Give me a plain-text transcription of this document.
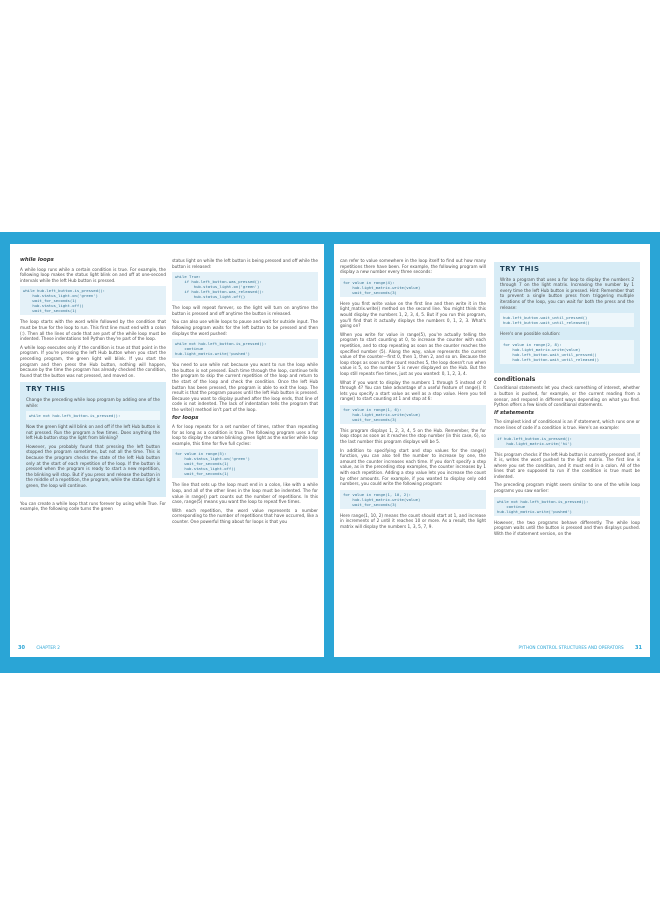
while loops

A while loop runs while a certain condition is true. For example, the following loop makes the status light blink on and off at one-second intervals while the left Hub button is pressed.

while hub.left_button.is_pressed():
hub.status_light.on('green')
wait_for_seconds(1)
hub.status_light.off()
wait_for_seconds(1)

The loop starts with the word while followed by the condition that must be true for the loop to run. This first line must end with a colon (:). Then all the lines of code that are part of the while loop must be indented. These indentations tell Python they're part of the loop.

A while loop executes only if the condition is true at that point in the program. If you're pressing the left Hub button when you start the preceding program, the green light will blink. If you start the program and then press the Hub button, nothing will happen, because by the time the program has already checked the condition, found that the button was not pressed, and moved on.

TRY THIS

Change the preceding while loop program by adding one of the while:

while not hub.left_button.is_pressed():

Now the green light will blink on and off if the left Hub button is not pressed. Run the program a few times. Does anything the left Hub button stop the light from blinking?

However, you probably found that pressing the left button stopped the program sometimes, but not all the time. This is because the program checks the state of the left Hub button only at the start of each repetition of the loop. If the button is pressed when the program is ready to start a new repetition, the blinking will stop. But if you press and release the button in the middle of a repetition, the program, while the status light is green, the loop will continue.

You can create a while loop that runs forever by using while True. For example, the following code turns the green

status light on while the left button is being pressed and off while the button is released:

while True:
if hub.left_button.was_pressed():
hub.status_light.on('green')
if hub.left_button.was_released():
hub.status_light.off()

The loop will repeat forever, so the light will turn on anytime the button is pressed and off anytime the button is released.

You can also use while loops to pause and wait for outside input. The following program waits for the left button to be pressed and then displays the word pushed:

while not hub.left_button.is_pressed():
continue
hub.light_matrix.write('pushed')

You need to use while not because you want to run the loop while the button is not pressed. Each time through the loop, continue tells the program to skip the current repetition of the loop and return to the start of the loop and check the condition. Once the left Hub button has been pressed, the program is able to exit the loop. The result is that the program pauses until the left Hub button is pressed. Because you want to display pushed after the loop ends, that line of code is not indented. The lack of indentation tells the program that the write() method isn't part of the loop.

for loops

A for loop repeats for a set number of times, rather than repeating for as long as a condition is true. The following program uses a for loop to display the same blinking green light as the earlier while loop example, this time for five full cycles:

for value in range(5):
hub.status_light.on('green')
wait_for_seconds(1)
hub.status_light.off()
wait_for_seconds(1)

The line that sets up the loop must end in a colon, like with a while loop, and all of the other lines in the loop must be indented. The for value in range() part counts out the number of repetitions. In this case, range(5) means you want the loop to repeat five times.

With each repetition, the word value represents a number corresponding to the number of repetitions that have occurred, like a counter. One powerful thing about for loops is that you

30	CHAPTER 2

can refer to value somewhere in the loop itself to find out how many repetitions there have been. For example, the following program will display a new number every three seconds:

for value in range(4):
hub.light_matrix.write(value)
wait_for_seconds(3)

Here you first write value on the first line and then write it in the light_matrix.write() method on the second line. You might think this would display the numbers 1, 2, 3, 4, 5. But if you run this program, you'll find that it actually displays the numbers 0, 1, 2, 3. What's going on?

When you write for value in range(5), you're actually telling the program to start counting at 0, to increase the counter with each repetition, and to stop repeating as soon as the counter reaches the specified number (5). Along the way, value represents the current value of the counter—first 0, then 1, then 2, and so on. Because the loop stops as soon as the count reaches 5, the loop doesn't run when value is 5, so the number 5 is never displayed on the Hub. But the loop still repeats five times, just as you wanted: 0, 1, 2, 3, 4.

What if you want to display the numbers 1 through 5 instead of 0 through 4? You can take advantage of a useful feature of range(). It lets you specify a start value as well as a stop value. Here you tell range() to start counting at 1 and stop at 6:

for value in range(1, 6):
hub.light_matrix.write(value)
wait_for_seconds(3)

This program displays 1, 2, 3, 4, 5 on the Hub. Remember, the for loop stops as soon as it reaches the stop number (in this case, 6), so the last number this program displays will be 5.

In addition to specifying start and stop values for the range() function, you can also tell the number to increase by one, the amount the counter increases each time. If you don't specify a step value, as in the preceding stop examples, the counter increases by 1 with each repetition. Adding a step value lets you increase the count by other amounts. For example, if you wanted to display only odd numbers, you could write the following program:

for value in range(1, 10, 2):
hub.light_matrix.write(value)
wait_for_seconds(3)

Here range(1, 10, 2) means the count should start at 1, and increase in increments of 2 until it reaches 10 or more. As a result, the light matrix will display the numbers 1, 3, 5, 7, 9.

TRY THIS

Write a program that uses a for loop to display the numbers 2 through 7 on the light matrix. Increasing the number by 1 every time the left Hub button is pressed. Hint: Remember that to prevent a single button press from triggering multiple iterations of the loop, you can wait for both the press and the release:

hub.left_button.wait_until_pressed()
hub.left_button.wait_until_released()

Here's one possible solution:

for value in range(2, 8):
hub.light_matrix.write(value)
hub.left_button.wait_until_pressed()
hub.left_button.wait_until_released()
conditionals

Conditional statements let you check something of interest, whether a button is pushed, for example, or the current reading from a sensor, and respond in different ways depending on what you find. Python offers a few kinds of conditional statements.

if statements

The simplest kind of conditional is an if statement, which runs one or more lines of code if a condition is true. Here's an example:

if hub.left_button.is_pressed():
hub.light_matrix.write('hi')

This program checks if the left Hub button is currently pressed and, if it is, writes the word pushed to the light matrix. The first line is where you set the condition, and it must end in a colon. All of the lines that are supposed to run if the condition is true must be indented.

The preceding program might seem similar to one of the while loop programs you saw earlier:

while not hub.left_button.is_pressed():
continue
hub.light_matrix.write('pushed')

However, the two programs behave differently. The while loop program waits until the button is pressed and then displays pushed. With the if statement version, on the

PYTHON CONTROL STRUCTURES AND OPERATORS 31
